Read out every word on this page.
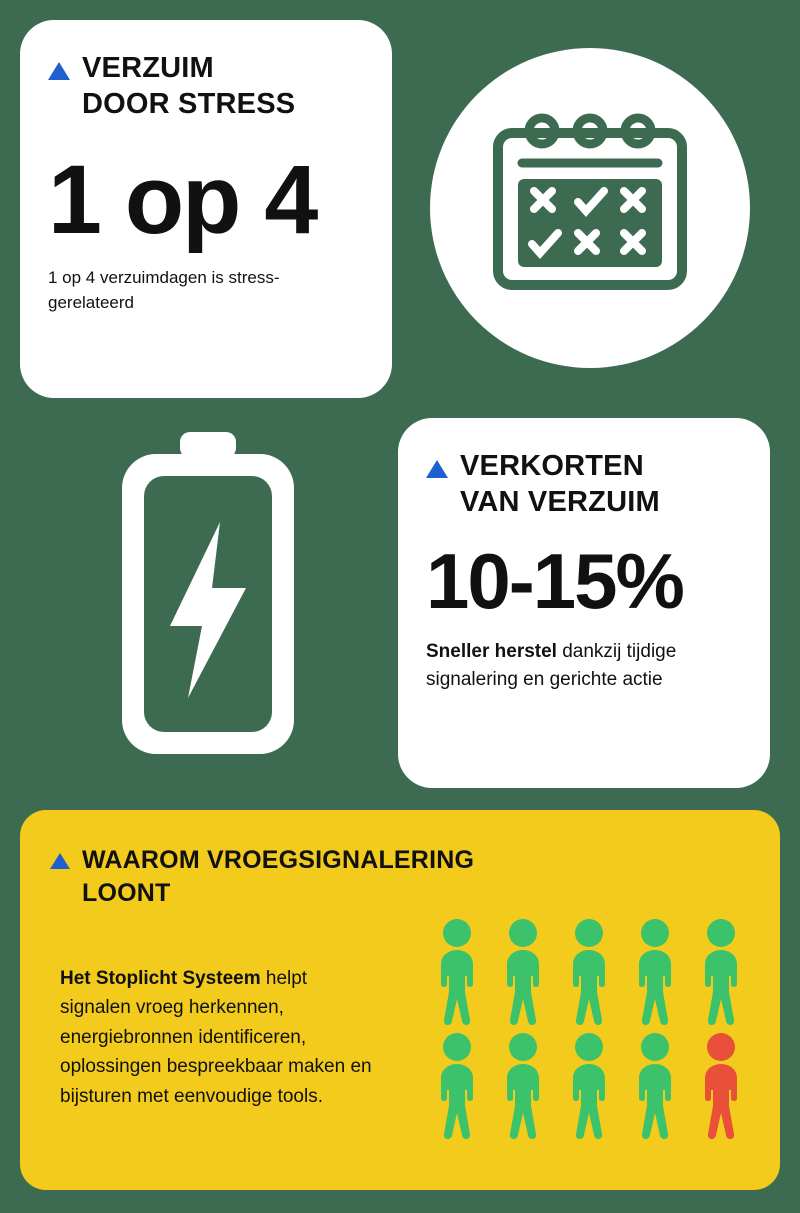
VERZUIM
DOOR STRESS
1 op 4
1 op 4 verzuimdagen is stress-gerelateerd
VERKORTEN
VAN VERZUIM
10-15%
Sneller herstel dankzij tijdige signalering en gerichte actie
WAAROM VROEGSIGNALERING
LOONT
Het Stoplicht Systeem helpt signalen vroeg herkennen, energiebronnen identificeren, oplossingen bespreekbaar maken en bijsturen met eenvoudige tools.
